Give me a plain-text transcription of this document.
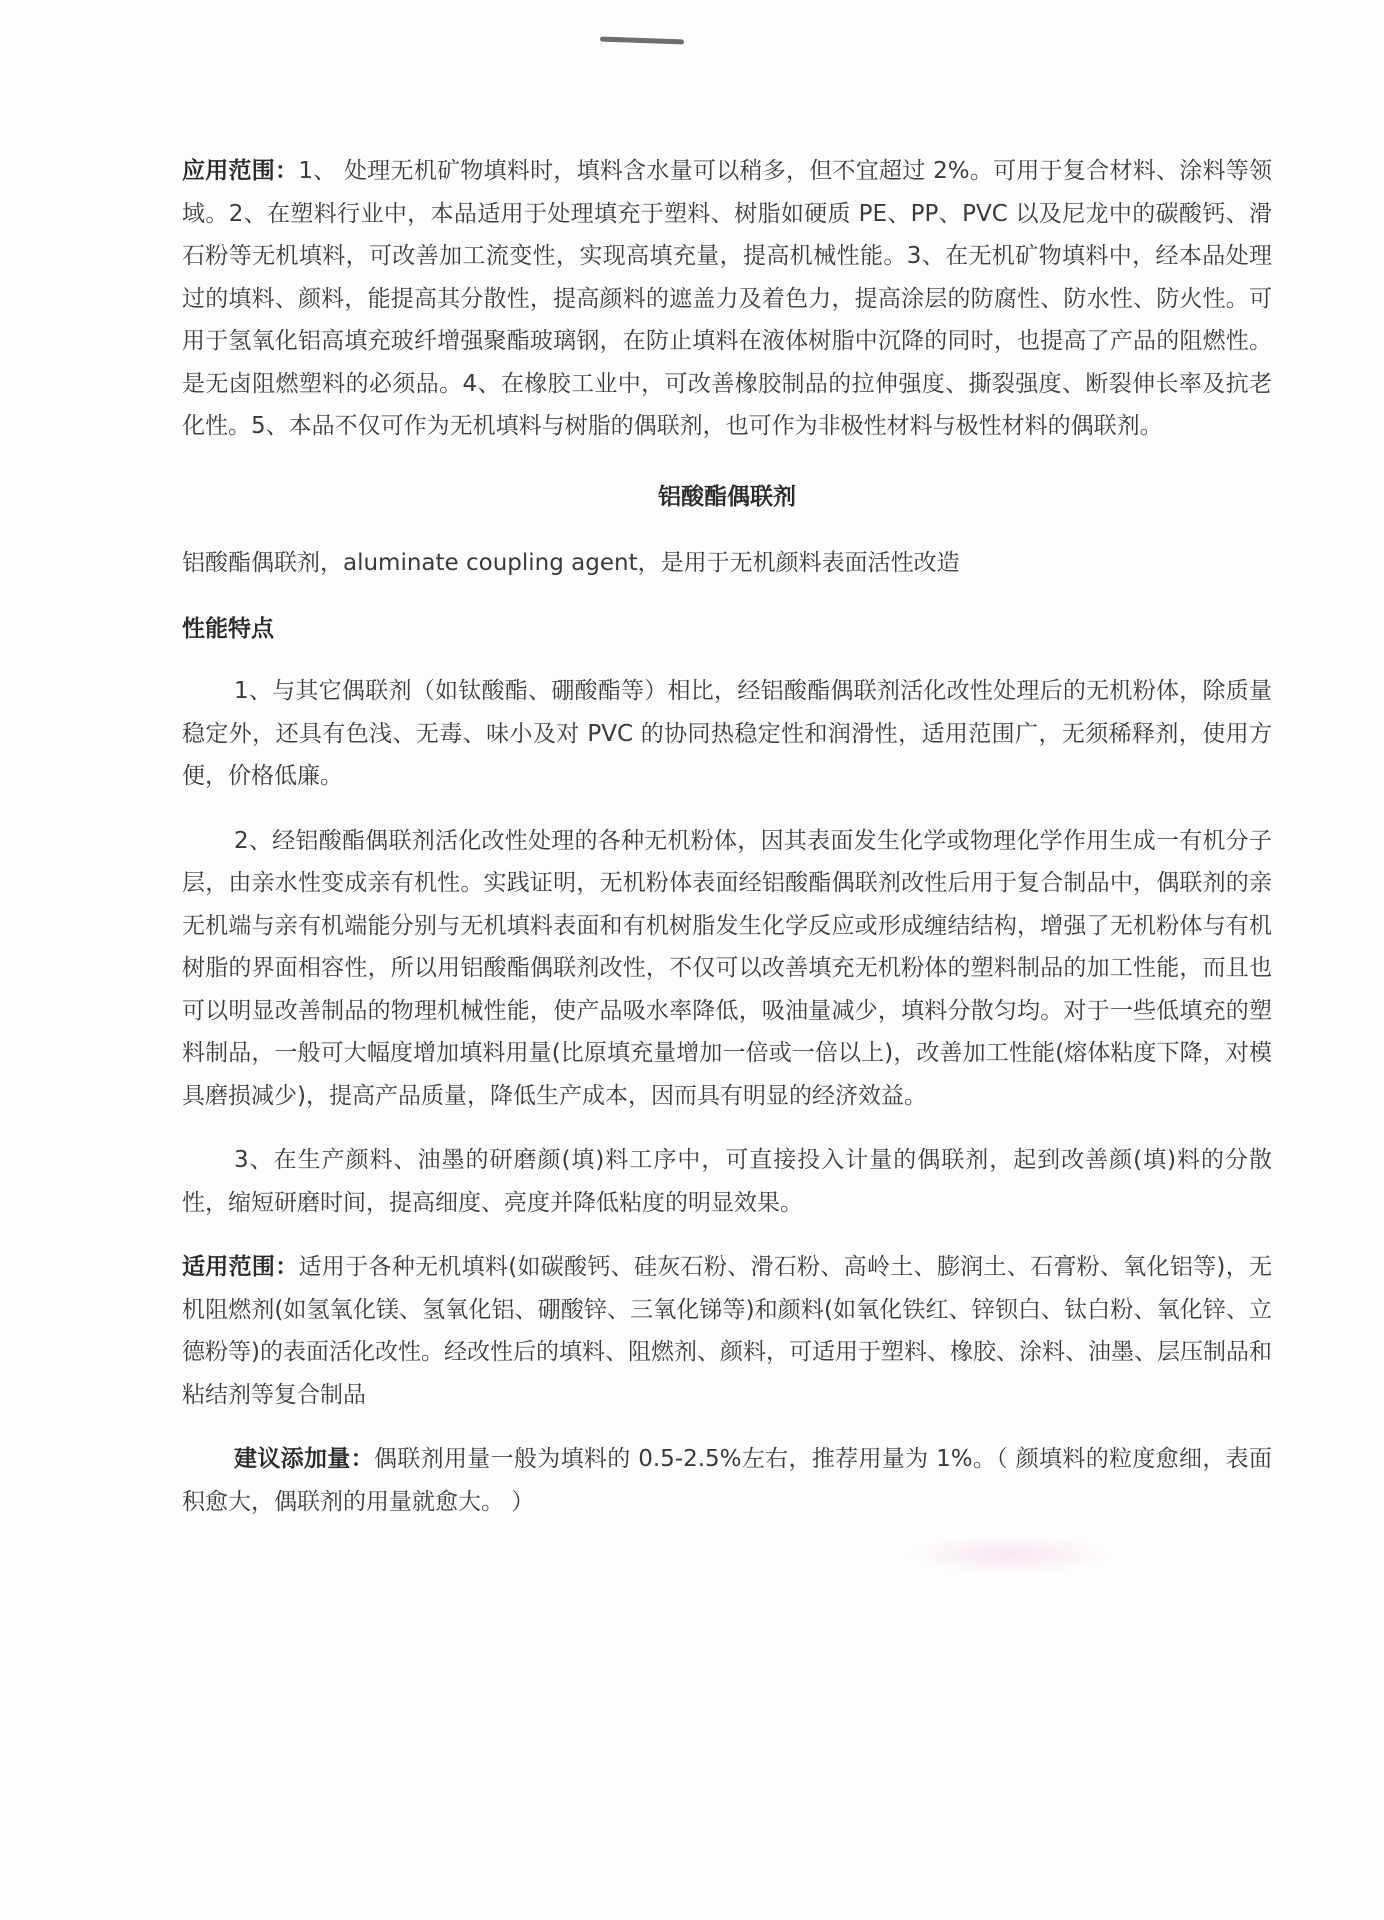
应用范围：1、 处理无机矿物填料时，填料含水量可以稍多，但不宜超过 2%。可用于复合材料、涂料等领域。2、在塑料行业中，本品适用于处理填充于塑料、树脂如硬质 PE、PP、PVC 以及尼龙中的碳酸钙、滑石粉等无机填料，可改善加工流变性，实现高填充量，提高机械性能。3、在无机矿物填料中，经本品处理过的填料、颜料，能提高其分散性，提高颜料的遮盖力及着色力，提高涂层的防腐性、防水性、防火性。可用于氢氧化铝高填充玻纤增强聚酯玻璃钢，在防止填料在液体树脂中沉降的同时，也提高了产品的阻燃性。是无卤阻燃塑料的必须品。4、在橡胶工业中，可改善橡胶制品的拉伸强度、撕裂强度、断裂伸长率及抗老化性。5、本品不仅可作为无机填料与树脂的偶联剂，也可作为非极性材料与极性材料的偶联剂。

铝酸酯偶联剂

铝酸酯偶联剂，aluminate coupling agent，是用于无机颜料表面活性改造

性能特点

1、与其它偶联剂（如钛酸酯、硼酸酯等）相比，经铝酸酯偶联剂活化改性处理后的无机粉体，除质量稳定外，还具有色浅、无毒、味小及对 PVC 的协同热稳定性和润滑性，适用范围广，无须稀释剂，使用方便，价格低廉。

2、经铝酸酯偶联剂活化改性处理的各种无机粉体，因其表面发生化学或物理化学作用生成一有机分子层，由亲水性变成亲有机性。实践证明，无机粉体表面经铝酸酯偶联剂改性后用于复合制品中，偶联剂的亲无机端与亲有机端能分别与无机填料表面和有机树脂发生化学反应或形成缠结结构，增强了无机粉体与有机树脂的界面相容性，所以用铝酸酯偶联剂改性，不仅可以改善填充无机粉体的塑料制品的加工性能，而且也可以明显改善制品的物理机械性能，使产品吸水率降低，吸油量减少，填料分散匀均。对于一些低填充的塑料制品，一般可大幅度增加填料用量(比原填充量增加一倍或一倍以上)，改善加工性能(熔体粘度下降，对模具磨损减少)，提高产品质量，降低生产成本，因而具有明显的经济效益。

3、在生产颜料、油墨的研磨颜(填)料工序中，可直接投入计量的偶联剂，起到改善颜(填)料的分散性，缩短研磨时间，提高细度、亮度并降低粘度的明显效果。

适用范围：适用于各种无机填料(如碳酸钙、硅灰石粉、滑石粉、高岭土、膨润土、石膏粉、氧化铝等)，无机阻燃剂(如氢氧化镁、氢氧化铝、硼酸锌、三氧化锑等)和颜料(如氧化铁红、锌钡白、钛白粉、氧化锌、立德粉等)的表面活化改性。经改性后的填料、阻燃剂、颜料，可适用于塑料、橡胶、涂料、油墨、层压制品和粘结剂等复合制品

建议添加量：偶联剂用量一般为填料的 0.5-2.5%左右，推荐用量为 1%。（ 颜填料的粒度愈细，表面积愈大，偶联剂的用量就愈大。 ）
